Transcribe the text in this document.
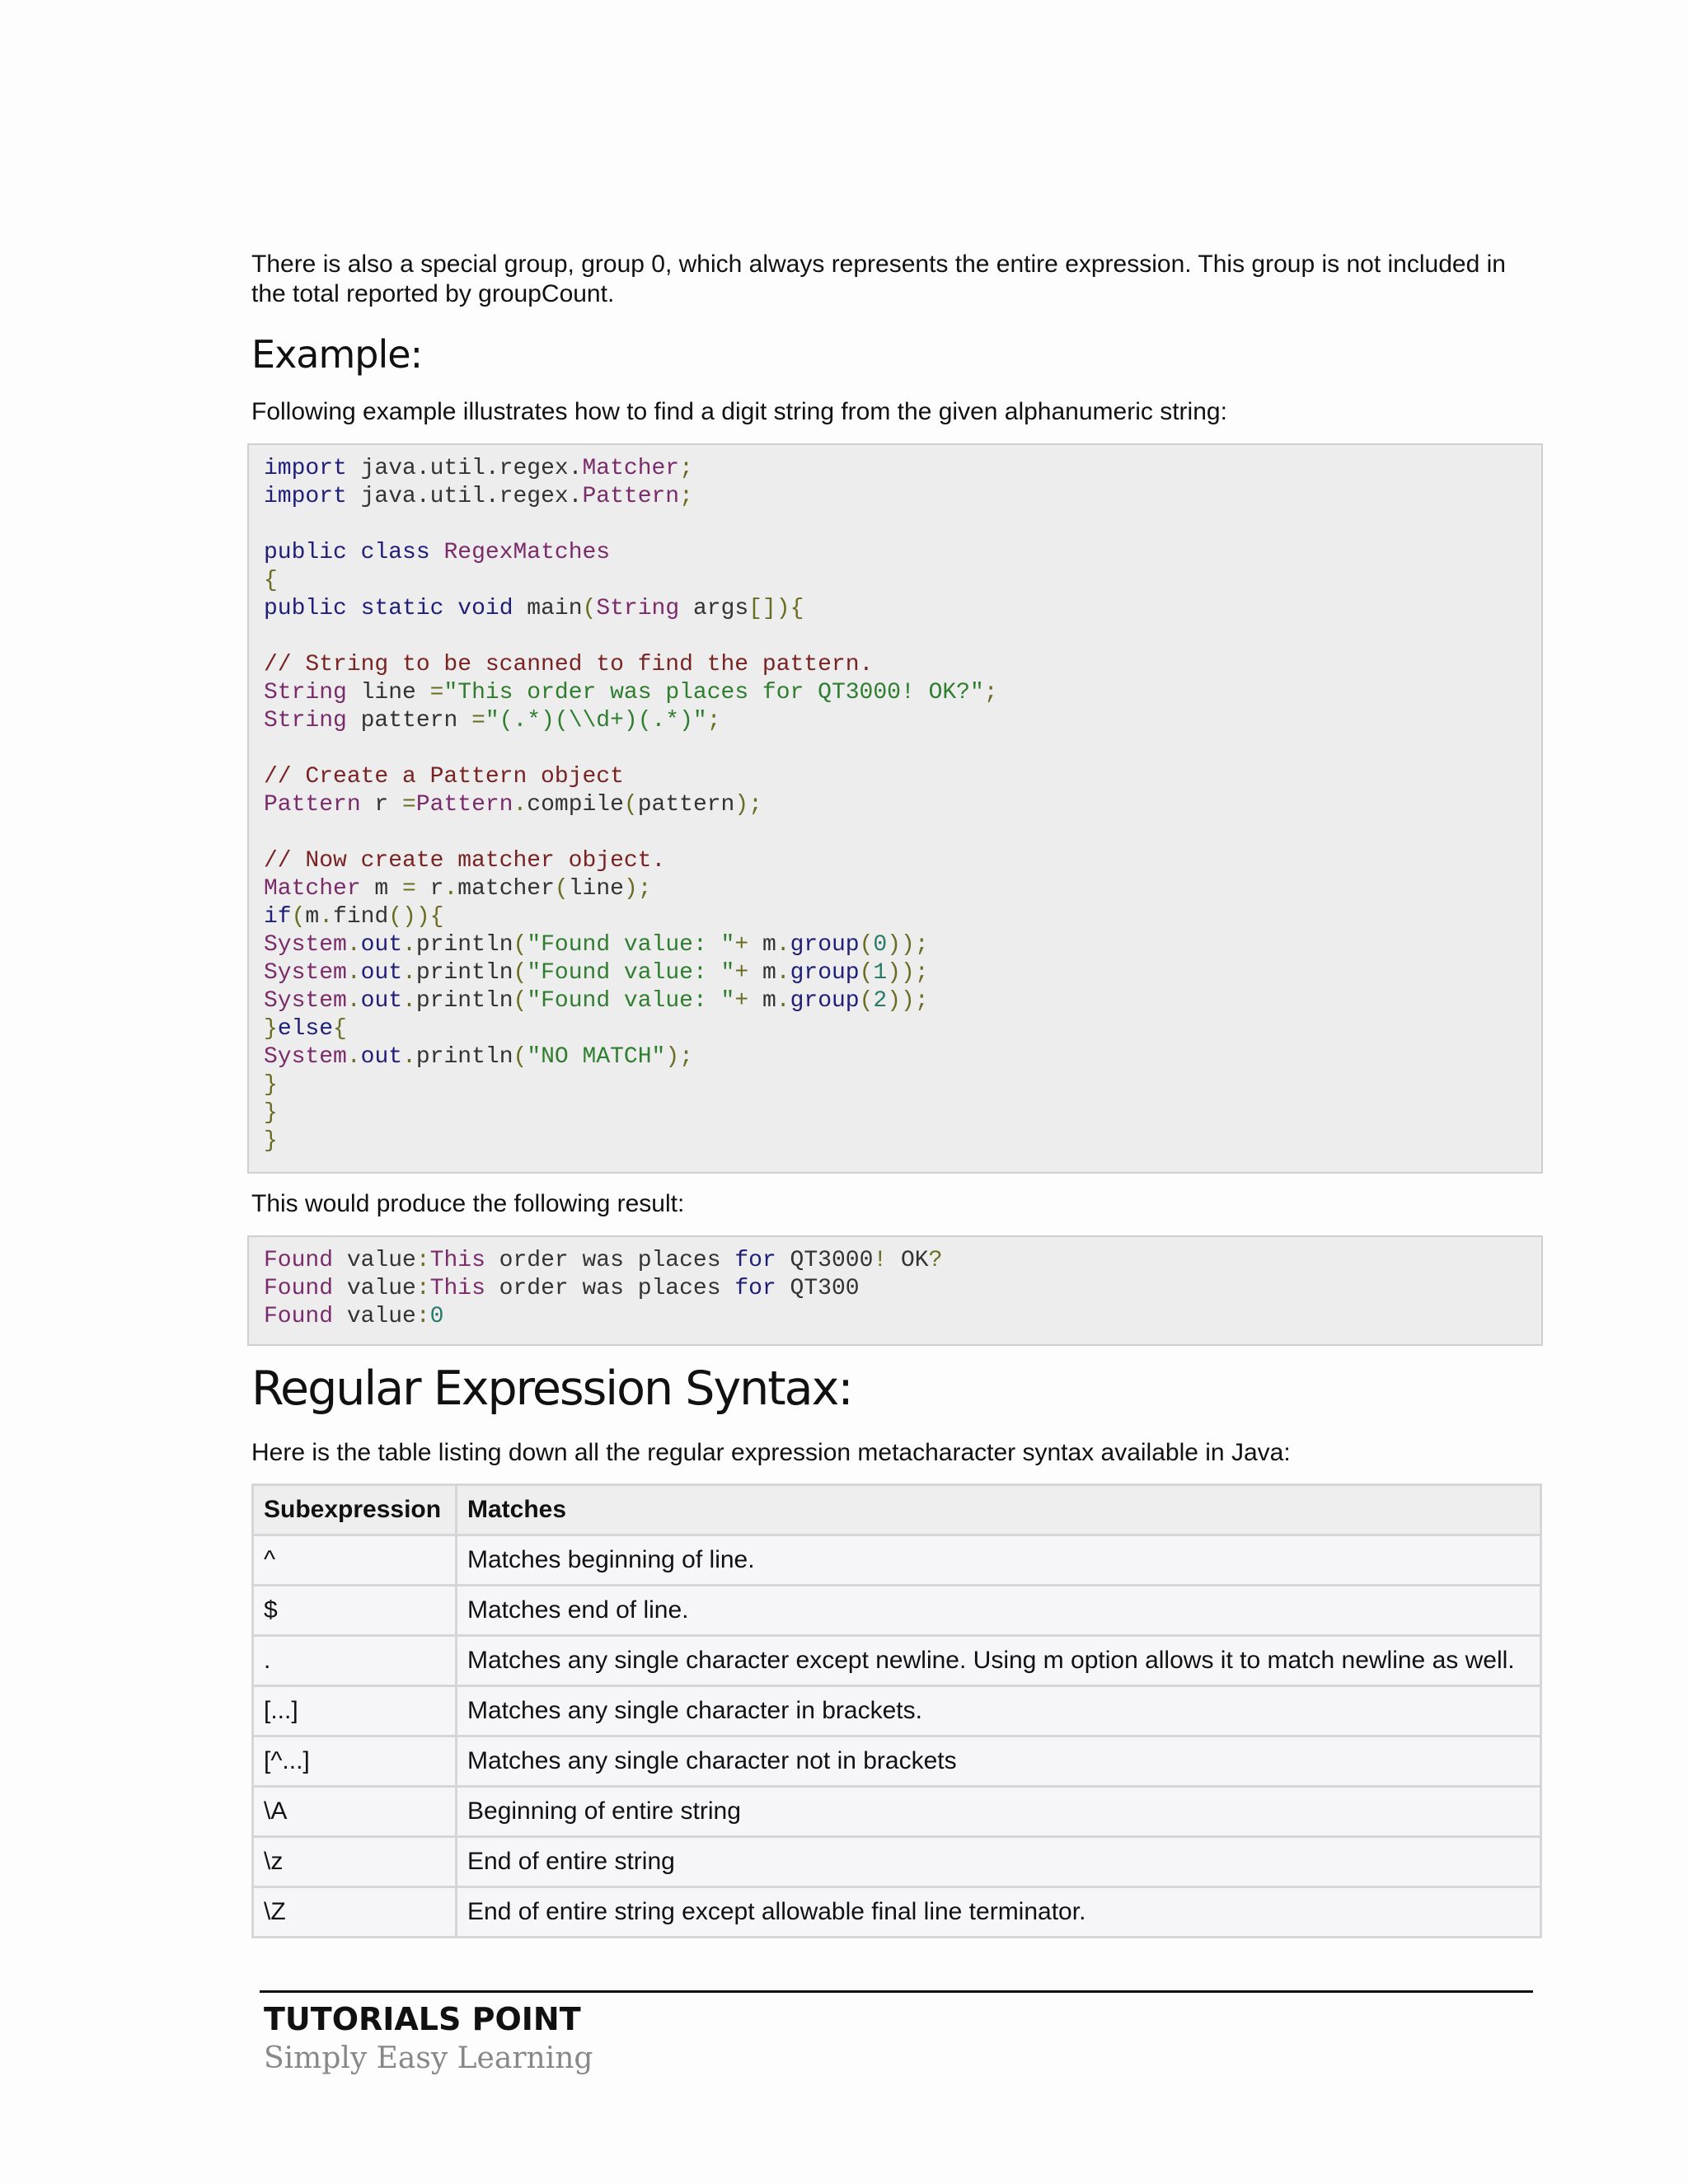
There is also a special group, group 0, which always represents the entire expression. This group is not included in the total reported by groupCount.

Example:

Following example illustrates how to find a digit string from the given alphanumeric string:

import java.util.regex.Matcher;
import java.util.regex.Pattern;

public class RegexMatches
{
public static void main(String args[]){

// String to be scanned to find the pattern.
String line ="This order was places for QT3000! OK?";
String pattern ="(.*)(\\d+)(.*)";

// Create a Pattern object
Pattern r =Pattern.compile(pattern);

// Now create matcher object.
Matcher m = r.matcher(line);
if(m.find()){
System.out.println("Found value: "+ m.group(0));
System.out.println("Found value: "+ m.group(1));
System.out.println("Found value: "+ m.group(2));
}else{
System.out.println("NO MATCH");
}
}
}

This would produce the following result:

Found value:This order was places for QT3000! OK?
Found value:This order was places for QT300
Found value:0
Regular Expression Syntax:

Here is the table listing down all the regular expression metacharacter syntax available in Java:

Subexpression	Matches
^	Matches beginning of line.
$	Matches end of line.
.	Matches any single character except newline. Using m option allows it to match newline as well.
[...]	Matches any single character in brackets.
[^...]	Matches any single character not in brackets
\A	Beginning of entire string
\z	End of entire string
\Z	End of entire string except allowable final line terminator.
TUTORIALS POINT
Simply Easy Learning
